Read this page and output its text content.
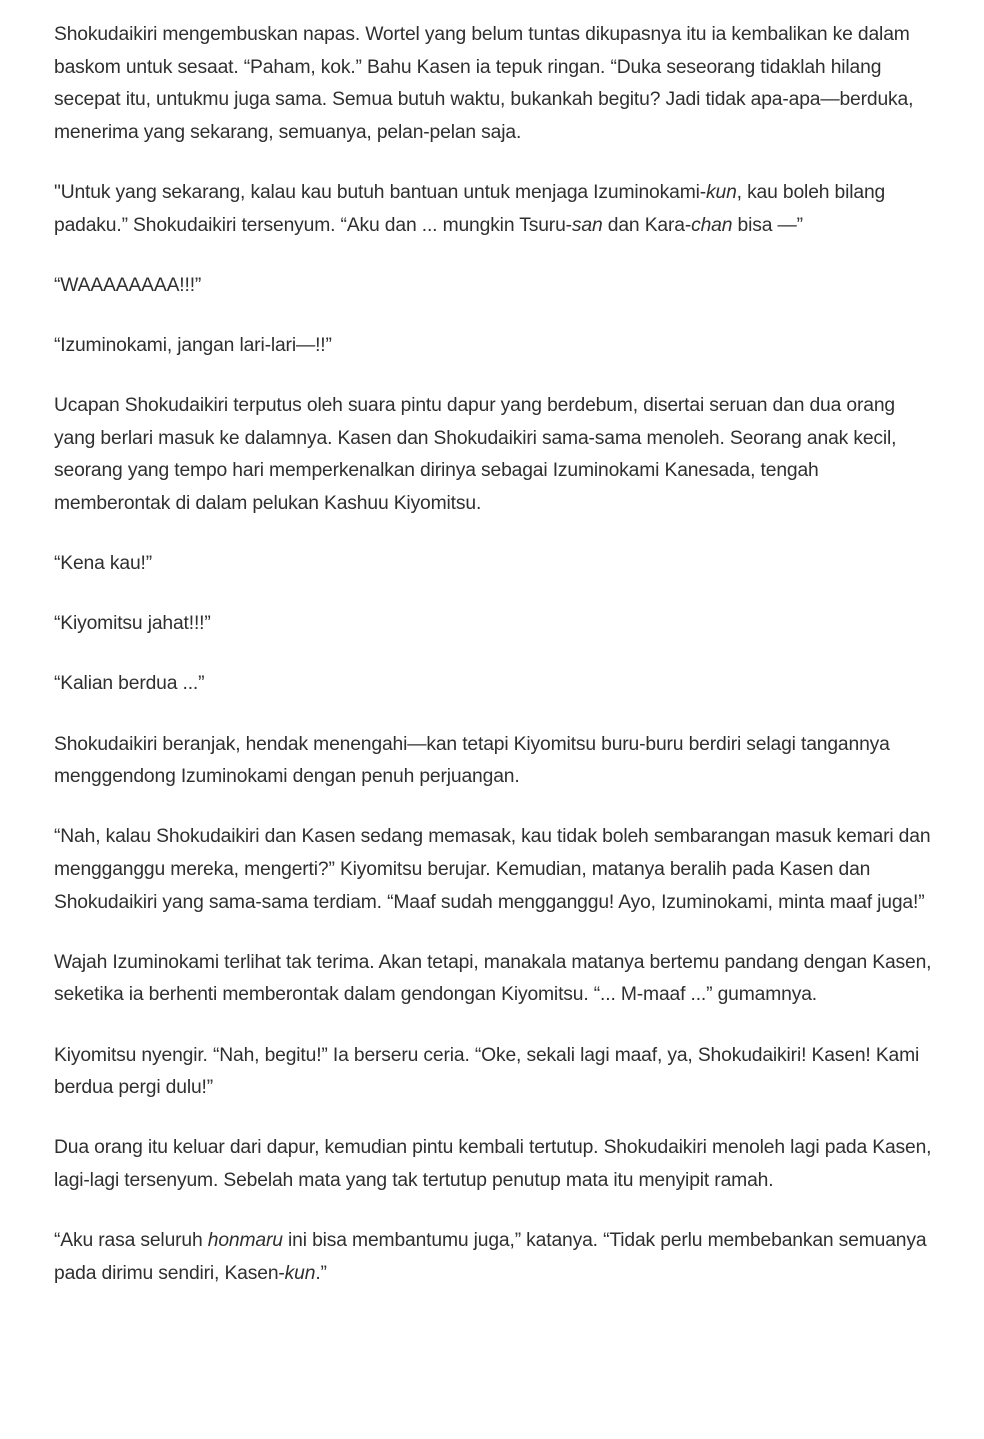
Shokudaikiri mengembuskan napas. Wortel yang belum tuntas dikupasnya itu ia kembalikan ke dalam baskom untuk sesaat. “Paham, kok.” Bahu Kasen ia tepuk ringan. “Duka seseorang tidaklah hilang secepat itu, untukmu juga sama. Semua butuh waktu, bukankah begitu? Jadi tidak apa-apa—berduka, menerima yang sekarang, semuanya, pelan-pelan saja.

"Untuk yang sekarang, kalau kau butuh bantuan untuk menjaga Izuminokami-kun, kau boleh bilang padaku.” Shokudaikiri tersenyum. “Aku dan ... mungkin Tsuru-san dan Kara-chan bisa —”

“WAAAAAAAA!!!”

“Izuminokami, jangan lari-lari—!!”

Ucapan Shokudaikiri terputus oleh suara pintu dapur yang berdebum, disertai seruan dan dua orang yang berlari masuk ke dalamnya. Kasen dan Shokudaikiri sama-sama menoleh. Seorang anak kecil, seorang yang tempo hari memperkenalkan dirinya sebagai Izuminokami Kanesada, tengah memberontak di dalam pelukan Kashuu Kiyomitsu.

“Kena kau!”

“Kiyomitsu jahat!!!”

“Kalian berdua ...”

Shokudaikiri beranjak, hendak menengahi—kan tetapi Kiyomitsu buru-buru berdiri selagi tangannya menggendong Izuminokami dengan penuh perjuangan.

“Nah, kalau Shokudaikiri dan Kasen sedang memasak, kau tidak boleh sembarangan masuk kemari dan mengganggu mereka, mengerti?” Kiyomitsu berujar. Kemudian, matanya beralih pada Kasen dan Shokudaikiri yang sama-sama terdiam. “Maaf sudah mengganggu! Ayo, Izuminokami, minta maaf juga!”

Wajah Izuminokami terlihat tak terima. Akan tetapi, manakala matanya bertemu pandang dengan Kasen, seketika ia berhenti memberontak dalam gendongan Kiyomitsu. “... M-maaf ...” gumamnya.

Kiyomitsu nyengir. “Nah, begitu!” Ia berseru ceria. “Oke, sekali lagi maaf, ya, Shokudaikiri! Kasen! Kami berdua pergi dulu!”

Dua orang itu keluar dari dapur, kemudian pintu kembali tertutup. Shokudaikiri menoleh lagi pada Kasen, lagi-lagi tersenyum. Sebelah mata yang tak tertutup penutup mata itu menyipit ramah.

“Aku rasa seluruh honmaru ini bisa membantumu juga,” katanya. “Tidak perlu membebankan semuanya pada dirimu sendiri, Kasen-kun.”
